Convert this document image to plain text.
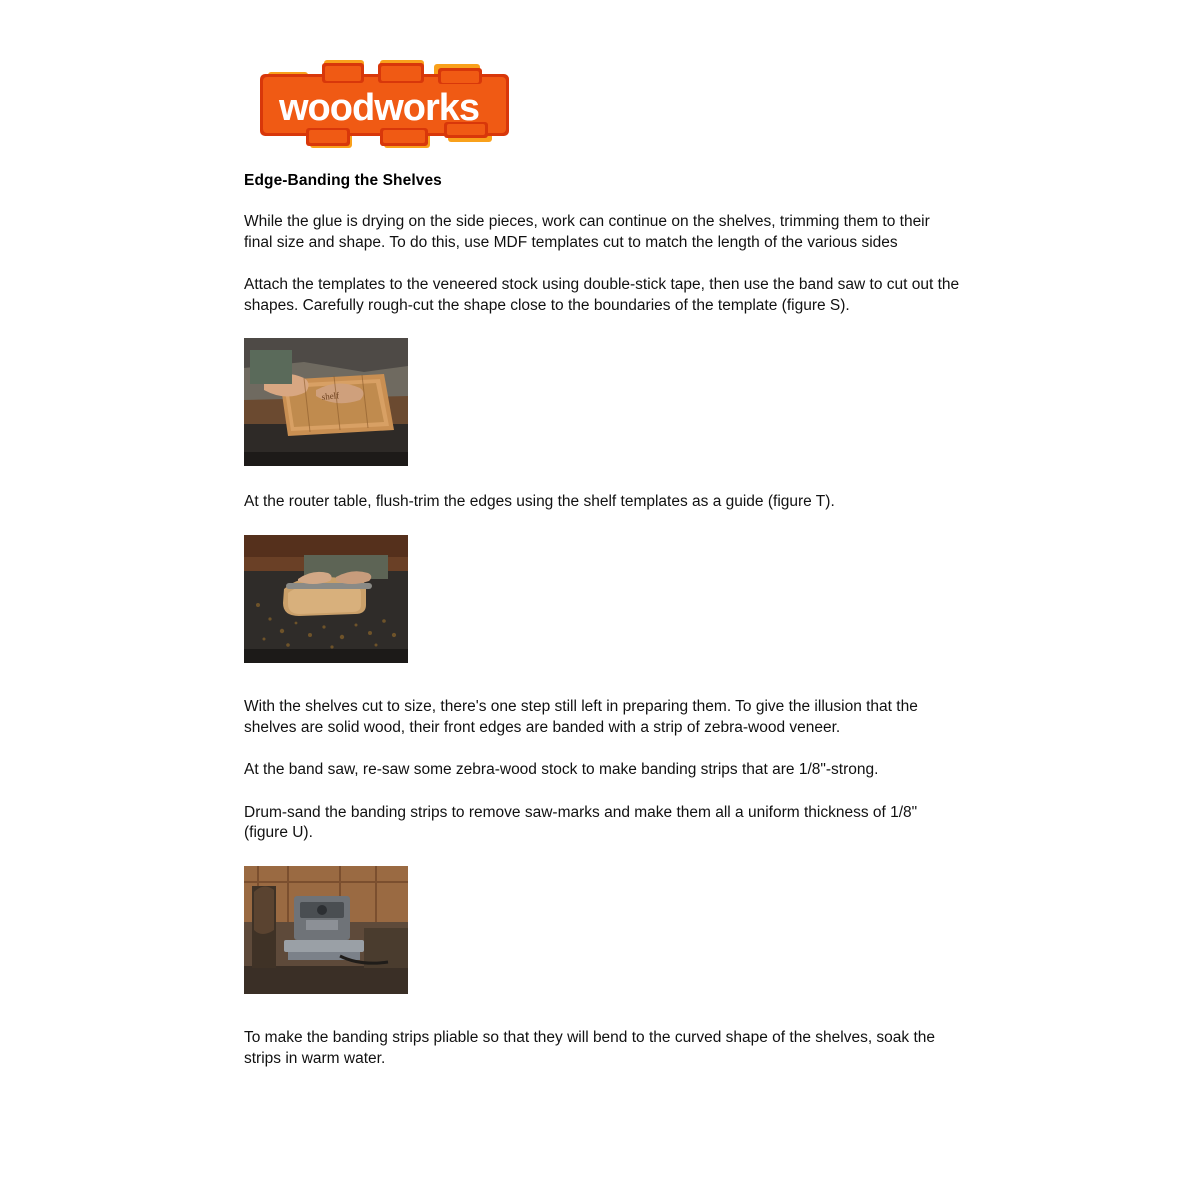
woodworks
Edge-Banding the Shelves

While the glue is drying on the side pieces, work can continue on the shelves, trimming them to their final size and shape. To do this, use MDF templates cut to match the length of the various sides

Attach the templates to the veneered stock using double-stick tape, then use the band saw to cut out the shapes. Carefully rough-cut the shape close to the boundaries of the template (figure S).

shelf

At the router table, flush-trim the edges using the shelf templates as a guide (figure T).

With the shelves cut to size, there's one step still left in preparing them. To give the illusion that the shelves are solid wood, their front edges are banded with a strip of zebra-wood veneer.

At the band saw, re-saw some zebra-wood stock to make banding strips that are 1/8"-strong.

Drum-sand the banding strips to remove saw-marks and make them all a uniform thickness of 1/8" (figure U).

To make the banding strips pliable so that they will bend to the curved shape of the shelves, soak the strips in warm water.
